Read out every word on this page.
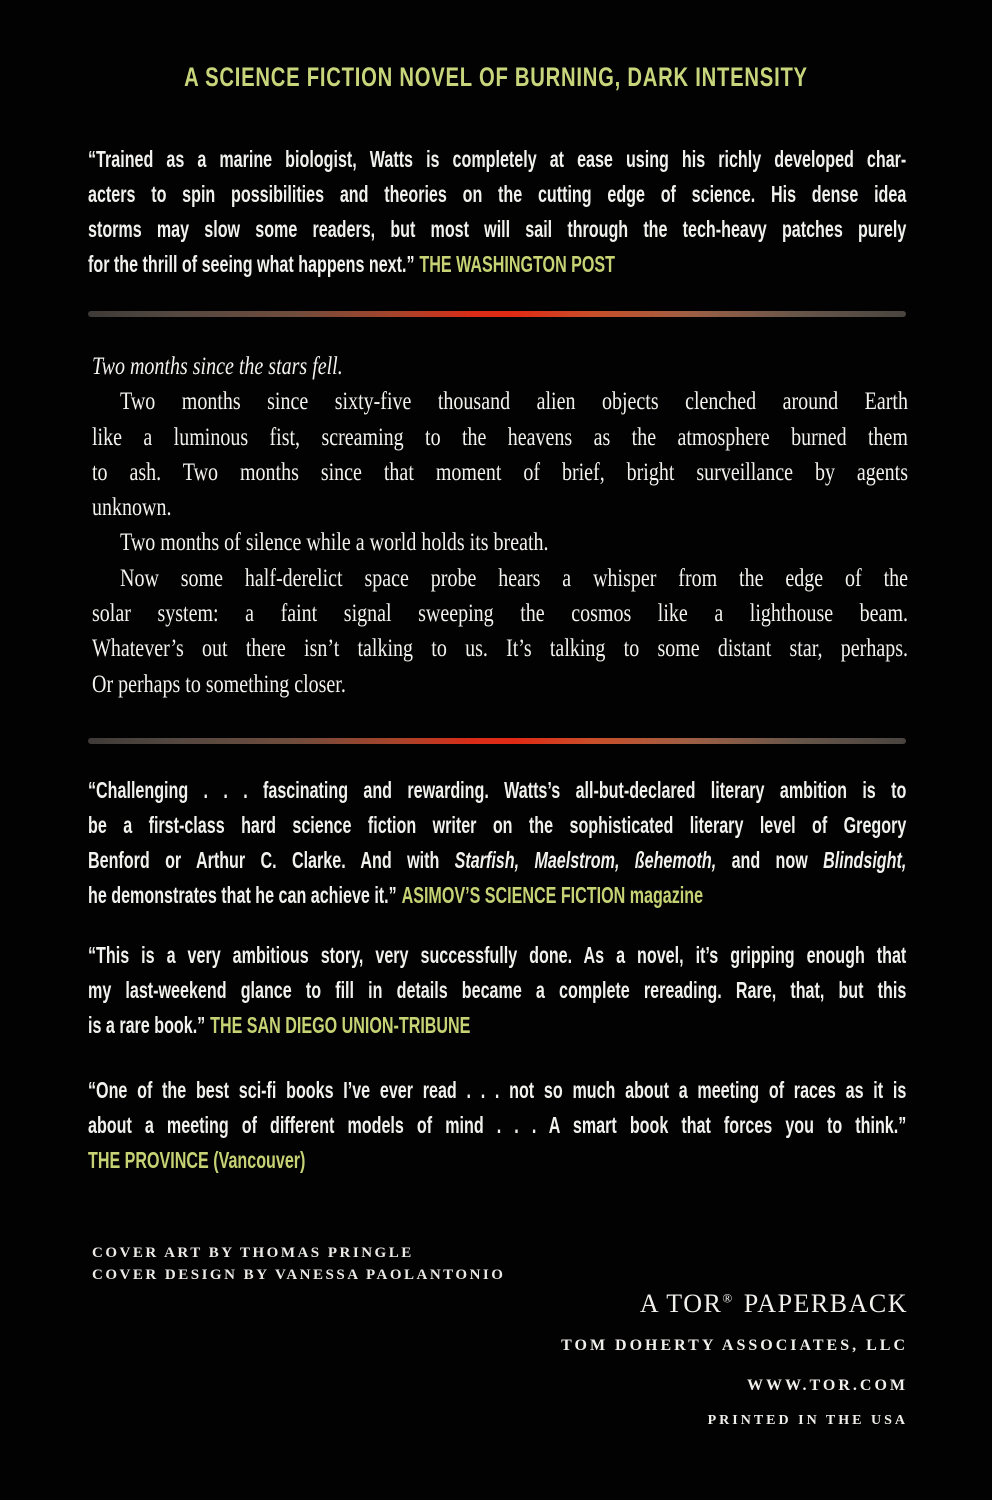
A SCIENCE FICTION NOVEL OF BURNING, DARK INTENSITY
“Trained as a marine biologist, Watts is completely at ease using his richly developed char-
acters to spin possibilities and theories on the cutting edge of science. His dense idea
storms may slow some readers, but most will sail through the tech-heavy patches purely
for the thrill of seeing what happens next.” THE WASHINGTON POST
Two months since the stars fell.
Two months since sixty-five thousand alien objects clenched around Earth
like a luminous fist, screaming to the heavens as the atmosphere burned them
to ash. Two months since that moment of brief, bright surveillance by agents
unknown.
Two months of silence while a world holds its breath.
Now some half-derelict space probe hears a whisper from the edge of the
solar system: a faint signal sweeping the cosmos like a lighthouse beam.
Whatever’s out there isn’t talking to us. It’s talking to some distant star, perhaps.
Or perhaps to something closer.
“Challenging . . . fascinating and rewarding. Watts’s all-but-declared literary ambition is to
be a first-class hard science fiction writer on the sophisticated literary level of Gregory
Benford or Arthur C. Clarke. And with Starfish, Maelstrom, ßehemoth, and now Blindsight,
he demonstrates that he can achieve it.” ASIMOV’S SCIENCE FICTION magazine
“This is a very ambitious story, very successfully done. As a novel, it’s gripping enough that
my last-weekend glance to fill in details became a complete rereading. Rare, that, but this
is a rare book.” THE SAN DIEGO UNION-TRIBUNE
“One of the best sci-fi books I’ve ever read . . . not so much about a meeting of races as it is
about a meeting of different models of mind . . . A smart book that forces you to think.”
THE PROVINCE (Vancouver)
COVER ART BY THOMAS PRINGLE
COVER DESIGN BY VANESSA PAOLANTONIO
A TOR® PAPERBACK
TOM DOHERTY ASSOCIATES, LLC
WWW.TOR.COM
PRINTED IN THE USA
